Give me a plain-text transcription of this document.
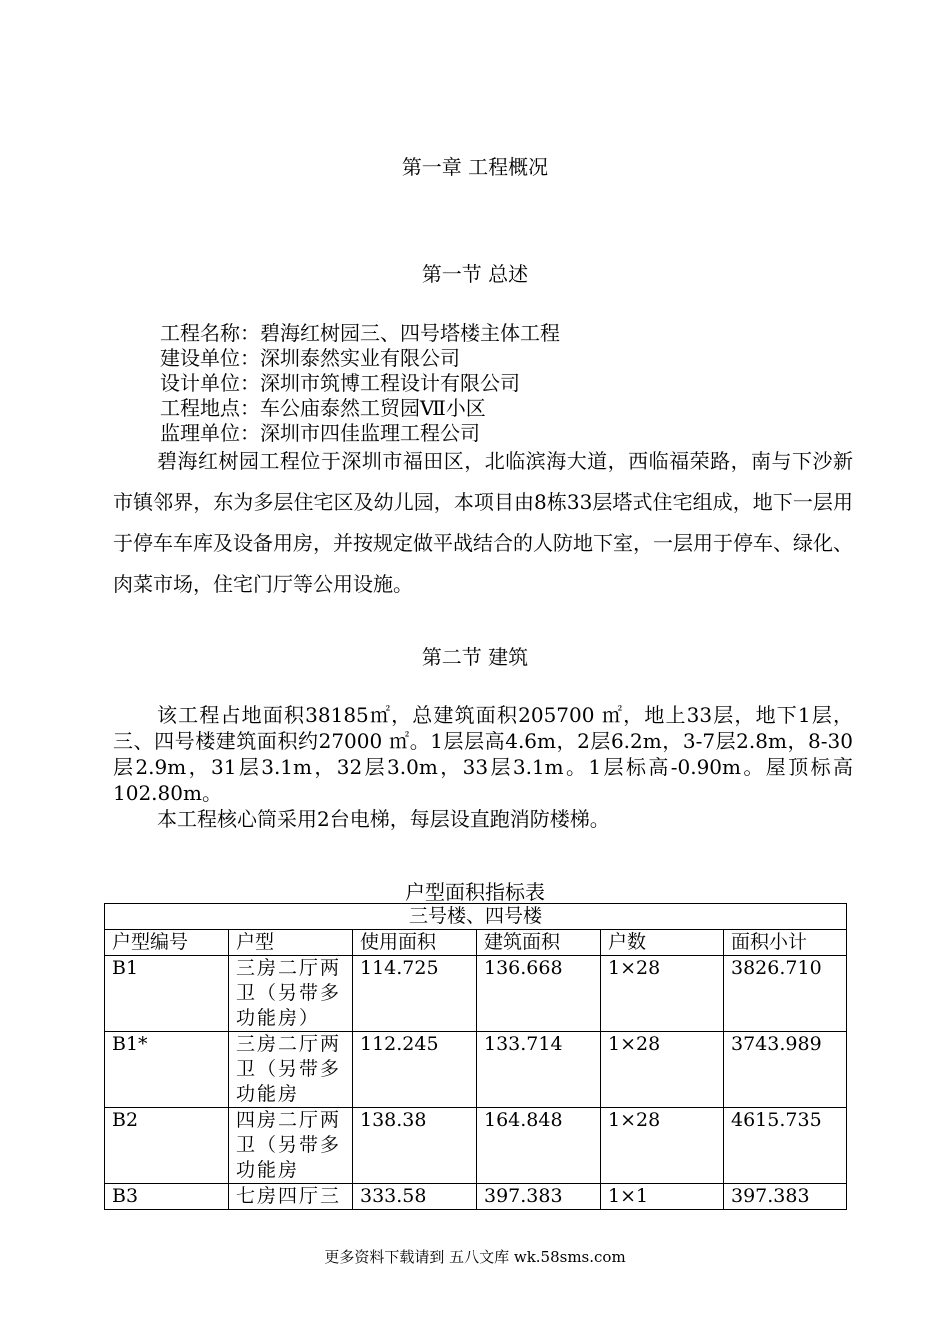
第一章 工程概况
第一节 总述
工程名称：碧海红树园三、四号塔楼主体工程
建设单位：深圳泰然实业有限公司
设计单位：深圳市筑博工程设计有限公司
工程地点：车公庙泰然工贸园Ⅶ小区
监理单位：深圳市四佳监理工程公司
碧海红树园工程位于深圳市福田区，北临滨海大道，西临福荣路，南与下沙新市镇邻界，东为多层住宅区及幼儿园，本项目由8栋33层塔式住宅组成，地下一层用于停车车库及设备用房，并按规定做平战结合的人防地下室，一层用于停车、绿化、肉菜市场，住宅门厅等公用设施。
第二节 建筑
该工程占地面积38185㎡，总建筑面积205700 ㎡，地上33层，地下1层，三、四号楼建筑面积约27000 ㎡。1层层高4.6m，2层6.2m，3-7层2.8m，8-30层2.9m，31层3.1m，32层3.0m，33层3.1m。1层标高-0.90m。屋顶标高102.80m。
本工程核心筒采用2台电梯，每层设直跑消防楼梯。
户型面积指标表
三号楼、四号楼					
户型编号	户型	使用面积	建筑面积	户数	面积小计
B1	三房二厅两卫（另带多功能房）	114.725	136.668	1×28	3826.710
B1*	三房二厅两卫（另带多功能房	112.245	133.714	1×28	3743.989
B2	四房二厅两卫（另带多功能房	138.38	164.848	1×28	4615.735
B3	七房四厅三	333.58	397.383	1×1	397.383
更多资料下载请到 五八文库 wk.58sms.com
